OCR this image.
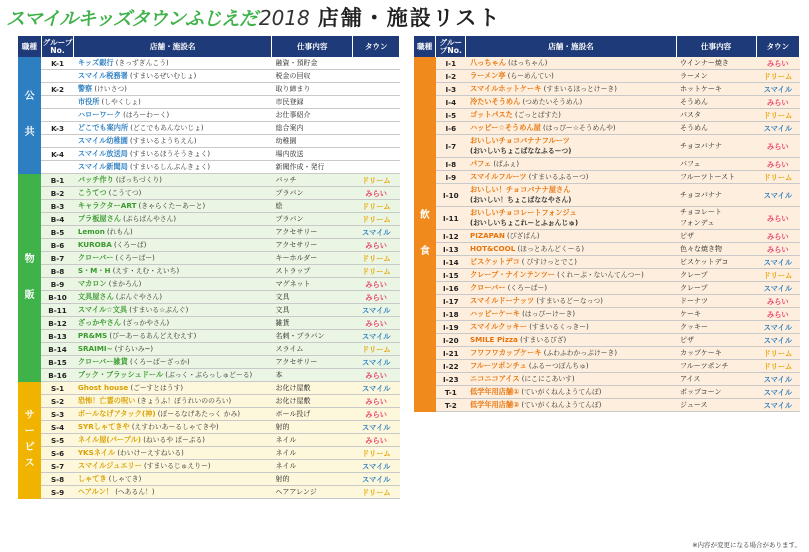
スマイルキッズタウンふじえだ 2018 店舗・施設リスト
職種	グループNo.	店舗・施設名	仕事内容	タウン
公共	K-1	キッズ銀行 (きっずぎんこう)	融資・預貯金	
		スマイル税務署 (すまいるぜいむしょ)	税金の回収	
	K-2	警察 (けいさつ)	取り締まり	
		市役所 (しやくしょ)	市民登録	
		ハローワーク (はろーわーく)	お仕事紹介	
	K-3	どこでも案内所 (どこでもあんないじょ)	総合案内	
		スマイル幼稚園 (すまいるようちえん)	幼稚園	
	K-4	スマイル放送局 (すまいるほうそうきょく)	場内放送	
		スマイル新聞局 (すまいるしんぶんきょく)	新聞作成・発行	
物販	B-1	バッチ作り (ばっちづくり)	バッチ	ドリーム
	B-2	こうてつ (こうてつ)	プラバン	みらい
	B-3	キャラクターART (きゃらくたーあーと)	絵	ドリーム
	B-4	プラ板屋さん (ぷらばんやさん)	プラバン	ドリーム
	B-5	Lemon (れもん)	アクセサリー	スマイル
	B-6	KUROBA (くろーば)	アクセサリー	みらい
	B-7	クローバー (くろーばー)	キーホルダー	ドリーム
	B-8	S・M・H (えす・えむ・えいち)	ストラップ	ドリーム
	B-9	マカロン (まかろん)	マグネット	みらい
	B-10	文具屋さん (ぶんぐやさん)	文具	みらい
	B-11	スマイル☆文具 (すまいる☆ぶんぐ)	文具	スマイル
	B-12	ざっかやさん (ざっかやさん)	雑貨	みらい
	B-13	PR&MS (ぴーあーるあんどえむえす)	名刺・プラバン	スマイル
	B-14	SRAIMI~ (すらいみ~)	スライム	ドリーム
	B-15	クローバー雑貨 (くろーばーざっか)	アクセサリー	スマイル
	B-16	ブック・ブラッシュドール (ぶっく・ぶらっしゅどーる)	本	みらい
サービス	S-1	Ghost house (ごーすとはうす)	お化け屋敷	スマイル
	S-2	恐怖！亡霊の呪い (きょうふ！ぼうれいののろい)	お化け屋敷	みらい
	S-3	ボールなげアタック(神) (ぼーるなげあたっく かみ)	ボール投げ	みらい
	S-4	SYRしゃてきや (えすわいあーるしゃてきや)	射的	スマイル
	S-5	ネイル屋(パープル) (ねいるや ぱーぷる)	ネイル	みらい
	S-6	YKSネイル (わいけーえすねいる)	ネイル	ドリーム
	S-7	スマイルジュエリー (すまいるじゅえりー)	ネイル	スマイル
	S-8	しゃてき (しゃてき)	射的	スマイル
	S-9	ヘアルン！ (へあるん！)	ヘアアレンジ	ドリーム
職種	グループNo.	店舗・施設名	仕事内容	タウン
飲食	I-1	八っちゃん (はっちゃん)	ウインナー焼き	みらい
	I-2	ラーメン亭 (らーめんてい)	ラーメン	ドリーム
	I-3	スマイルホットケーキ (すまいるほっとけーき)	ホットケーキ	スマイル
	I-4	冷たいそうめん (つめたいそうめん)	そうめん	みらい
	I-5	ゴットパスた (ごっとぱすた)	パスタ	ドリーム
	I-6	ハッピー☆そうめん屋 (はっぴー☆そうめんや)	そうめん	スマイル
	I-7	おいしいチョコバナナフルーツ
(おいしいちょこばななふるーつ)	チョコバナナ	みらい
	I-8	パフェ (ぱふぇ)	パフェ	みらい
	I-9	スマイルフルーツ (すまいるふるーつ)	フルーツトースト	ドリーム
	I-10	おいしい！チョコバナナ屋さん
(おいしい！ちょこばななやさん)	チョコバナナ	スマイル
	I-11	おいしいチョコレートフォンジュ
(おいしいちょこれーとふぉんじゅ)	チョコレート
フォンデュ	みらい
	I-12	PIZAPAN (ぴざぱん)	ピザ	みらい
	I-13	HOT&COOL (ほっとあんどくーる)	色々な焼き物	みらい
	I-14	ビスケットデコ ( びすけっとでこ)	ビスケットデコ	スマイル
	I-15	クレープ・ナインテンツー (くれーぷ・ないんてんつー)	クレープ	ドリーム
	I-16	クローバー (くろーばー)	クレープ	スマイル
	I-17	スマイルドーナッツ (すまいるどーなっつ)	ドーナツ	みらい
	I-18	ハッピーケーキ (はっぴーけーき)	ケーキ	みらい
	I-19	スマイルクッキー (すまいるくっきー)	クッキー	スマイル
	I-20	SMILE Pizza (すまいるぴざ)	ピザ	スマイル
	I-21	フワフワカップケーキ (ふわふわかっぷけーき)	カップケーキ	ドリーム
	I-22	フルーツポンチュ (ふるーつぽんちゅ)	フルーツポンチ	ドリーム
	I-23	ニコニコアイス (にこにこあいす)	アイス	スマイル
	T-1	低学年用店舗① (ていがくねんようてんぽ)	ポップコーン	スマイル
	T-2	低学年用店舗② (ていがくねんようてんぽ)	ジュース	スマイル
※内容が変更になる場合があります。
